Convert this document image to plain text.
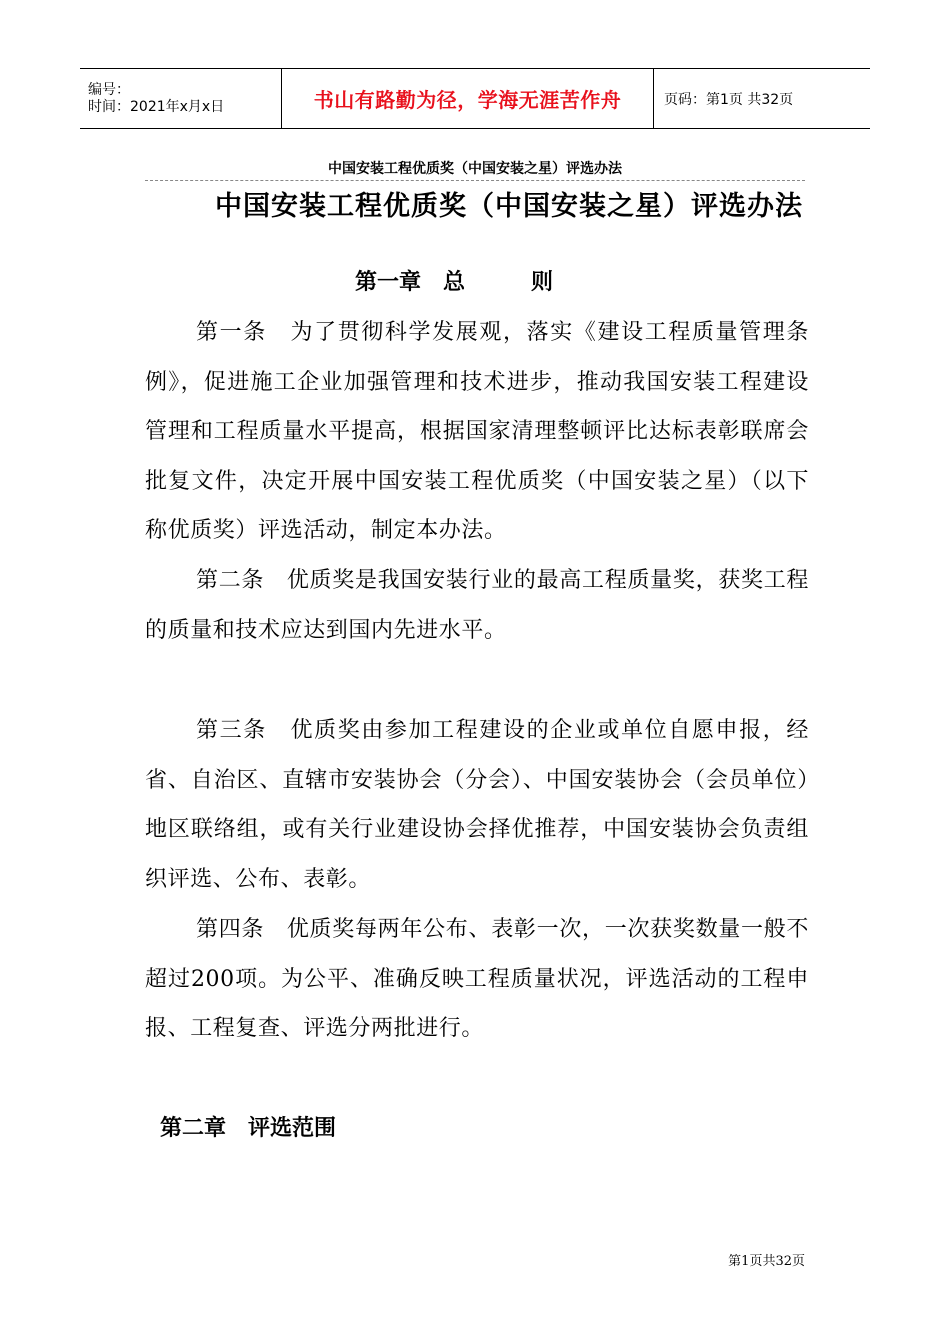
编号：
时间：2021年x月x日	书山有路勤为径，学海无涯苦作舟	页码：第1页 共32页
中国安装工程优质奖（中国安装之星）评选办法
中国安装工程优质奖（中国安装之星）评选办法
第一章　总　　　则

第一条　为了贯彻科学发展观，落实《建设工程质量管理条例》，促进施工企业加强管理和技术进步，推动我国安装工程建设管理和工程质量水平提高，根据国家清理整顿评比达标表彰联席会批复文件，决定开展中国安装工程优质奖（中国安装之星）（以下称优质奖）评选活动，制定本办法。

第二条　优质奖是我国安装行业的最高工程质量奖，获奖工程的质量和技术应达到国内先进水平。

第三条　优质奖由参加工程建设的企业或单位自愿申报，经省、自治区、直辖市安装协会（分会）、中国安装协会（会员单位）地区联络组，或有关行业建设协会择优推荐，中国安装协会负责组织评选、公布、表彰。

第四条　优质奖每两年公布、表彰一次，一次获奖数量一般不超过200项。为公平、准确反映工程质量状况，评选活动的工程申报、工程复查、评选分两批进行。

第二章　评选范围
第1页共32页
